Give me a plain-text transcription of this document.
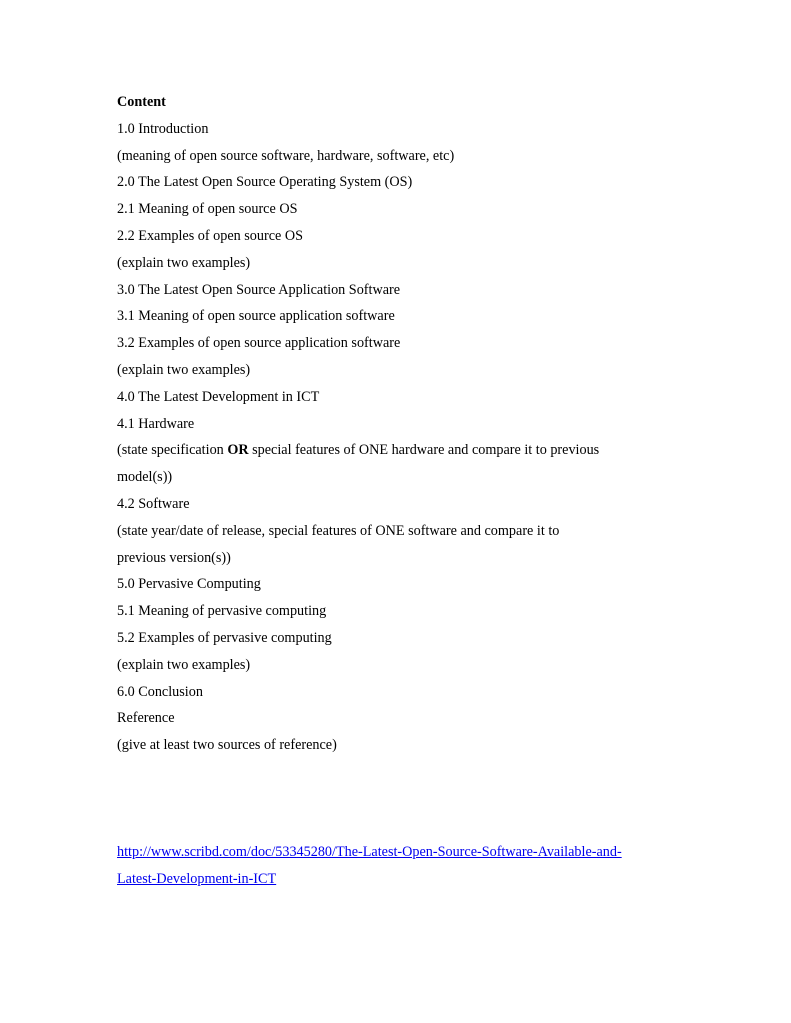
Content
1.0 Introduction
(meaning of open source software, hardware, software, etc)
2.0 The Latest Open Source Operating System (OS)
2.1 Meaning of open source OS
2.2 Examples of open source OS
(explain two examples)
3.0 The Latest Open Source Application Software
3.1 Meaning of open source application software
3.2 Examples of open source application software
(explain two examples)
4.0 The Latest Development in ICT
4.1 Hardware
(state specification OR special features of ONE hardware and compare it to previous
model(s))
4.2 Software
(state year/date of release, special features of ONE software and compare it to
previous version(s))
5.0 Pervasive Computing
5.1 Meaning of pervasive computing
5.2 Examples of pervasive computing
(explain two examples)
6.0 Conclusion
Reference
(give at least two sources of reference)
http://www.scribd.com/doc/53345280/The-Latest-Open-Source-Software-Available-and-
Latest-Development-in-ICT
